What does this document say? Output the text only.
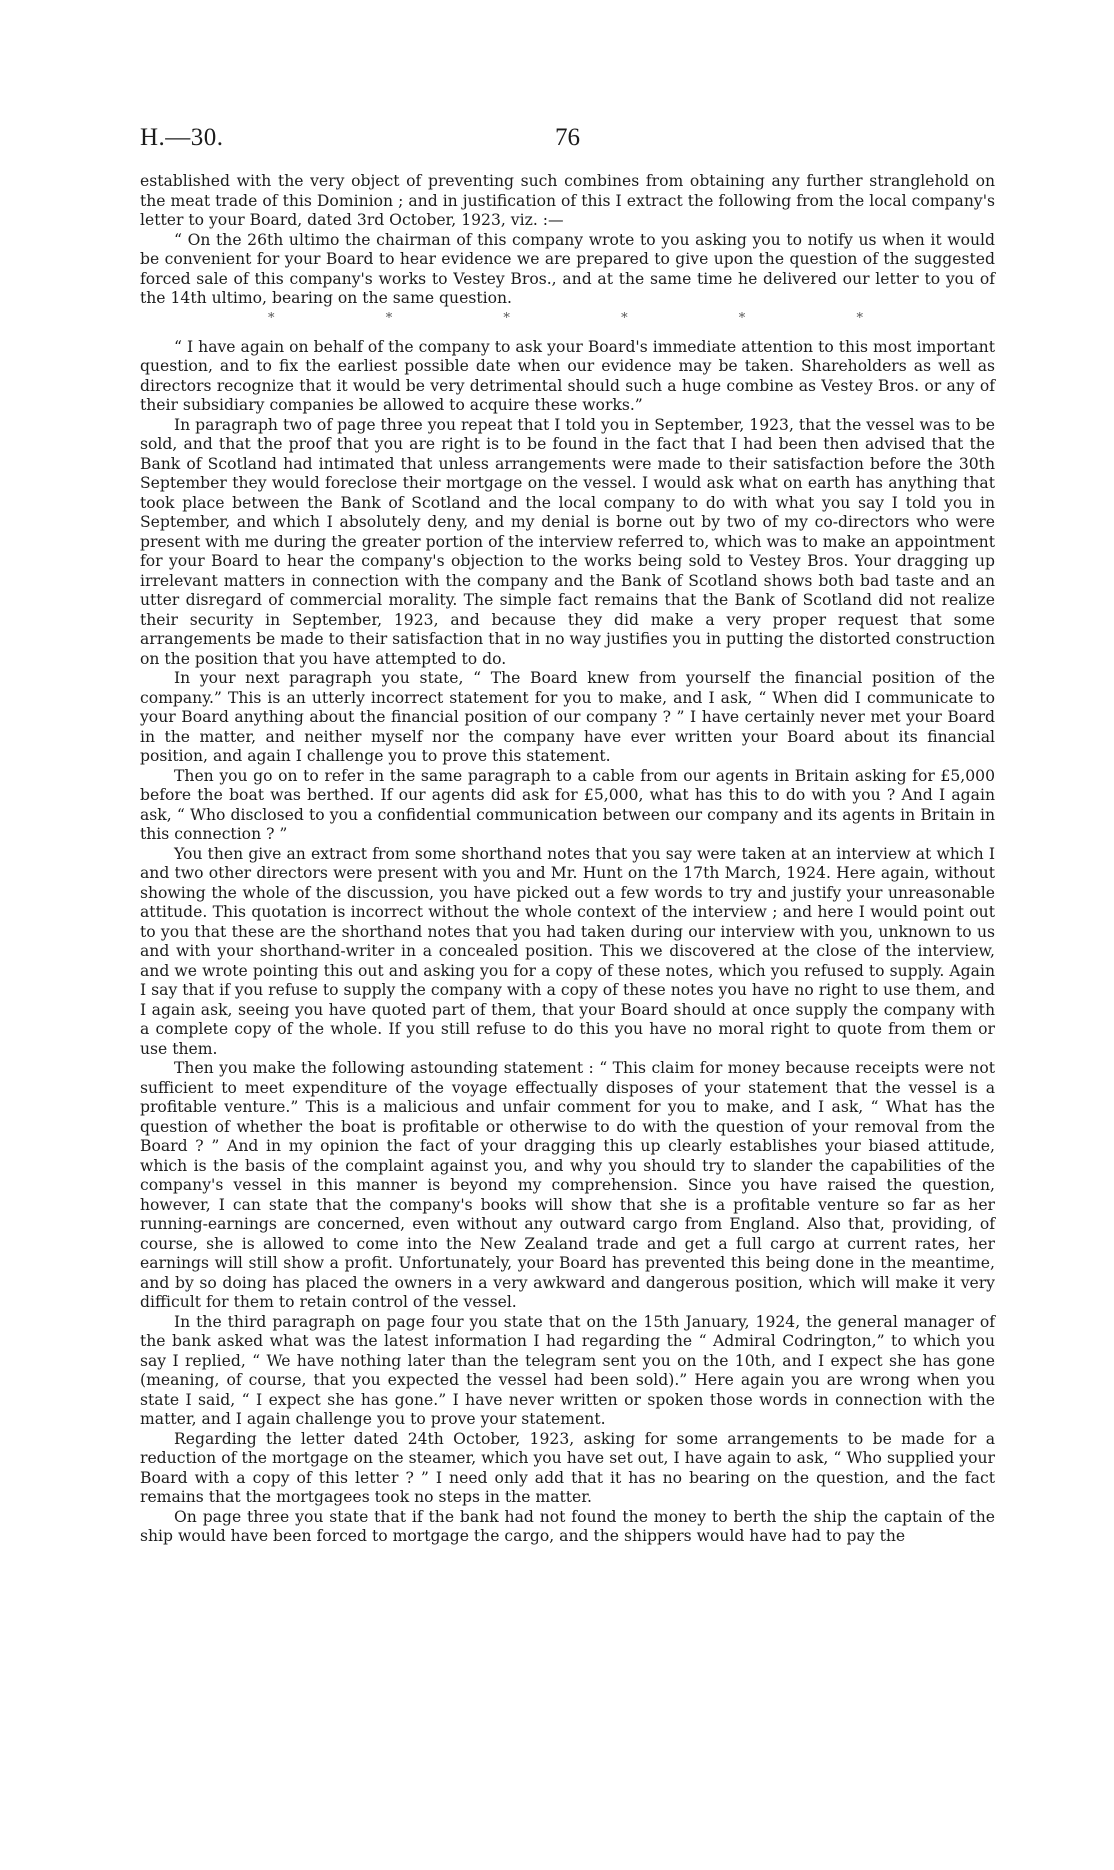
H.—30.	76

established with the very object of preventing such combines from obtaining any further stranglehold on the meat trade of this Dominion ; and in justification of this I extract the following from the local company's letter to your Board, dated 3rd October, 1923, viz. :—

“ On the 26th ultimo the chairman of this company wrote to you asking you to notify us when it would be convenient for your Board to hear evidence we are prepared to give upon the question of the suggested forced sale of this company's works to Vestey Bros., and at the same time he delivered our letter to you of the 14th ultimo, bearing on the same question.

*	*	*	*	*	*

“ I have again on behalf of the company to ask your Board's immediate attention to this most important question, and to fix the earliest possible date when our evidence may be taken. Shareholders as well as directors recognize that it would be very detrimental should such a huge combine as Vestey Bros. or any of their subsidiary companies be allowed to acquire these works.”

In paragraph two of page three you repeat that I told you in September, 1923, that the vessel was to be sold, and that the proof that you are right is to be found in the fact that I had been then advised that the Bank of Scotland had intimated that unless arrangements were made to their satisfaction before the 30th September they would foreclose their mortgage on the vessel. I would ask what on earth has anything that took place between the Bank of Scotland and the local company to do with what you say I told you in September, and which I absolutely deny, and my denial is borne out by two of my co-directors who were present with me during the greater portion of the interview referred to, which was to make an appointment for your Board to hear the company's objection to the works being sold to Vestey Bros. Your dragging up irrelevant matters in connection with the company and the Bank of Scotland shows both bad taste and an utter disregard of commercial morality. The simple fact remains that the Bank of Scotland did not realize their security in September, 1923, and because they did make a very proper request that some arrangements be made to their satisfaction that in no way justifies you in putting the distorted construction on the position that you have attempted to do.

In your next paragraph you state, “ The Board knew from yourself the financial position of the company.” This is an utterly incorrect statement for you to make, and I ask, “ When did I communicate to your Board anything about the financial position of our company ? ” I have certainly never met your Board in the matter, and neither myself nor the company have ever written your Board about its financial position, and again I challenge you to prove this statement.

Then you go on to refer in the same paragraph to a cable from our agents in Britain asking for £5,000 before the boat was berthed. If our agents did ask for £5,000, what has this to do with you ? And I again ask, “ Who disclosed to you a confidential communication between our company and its agents in Britain in this connection ? ”

You then give an extract from some shorthand notes that you say were taken at an interview at which I and two other directors were present with you and Mr. Hunt on the 17th March, 1924. Here again, without showing the whole of the discussion, you have picked out a few words to try and justify your unreasonable attitude. This quotation is incorrect without the whole context of the interview ; and here I would point out to you that these are the shorthand notes that you had taken during our interview with you, unknown to us and with your shorthand-writer in a concealed position. This we discovered at the close of the interview, and we wrote pointing this out and asking you for a copy of these notes, which you refused to supply. Again I say that if you refuse to supply the company with a copy of these notes you have no right to use them, and I again ask, seeing you have quoted part of them, that your Board should at once supply the company with a complete copy of the whole. If you still refuse to do this you have no moral right to quote from them or use them.

Then you make the following astounding statement : “ This claim for money because receipts were not sufficient to meet expenditure of the voyage effectually disposes of your statement that the vessel is a profitable venture.” This is a malicious and unfair comment for you to make, and I ask, “ What has the question of whether the boat is profitable or otherwise to do with the question of your removal from the Board ? ” And in my opinion the fact of your dragging this up clearly establishes your biased attitude, which is the basis of the complaint against you, and why you should try to slander the capabilities of the company's vessel in this manner is beyond my comprehension. Since you have raised the question, however, I can state that the company's books will show that she is a profitable venture so far as her running-earnings are concerned, even without any outward cargo from England. Also that, providing, of course, she is allowed to come into the New Zealand trade and get a full cargo at current rates, her earnings will still show a profit. Unfortunately, your Board has prevented this being done in the meantime, and by so doing has placed the owners in a very awkward and dangerous position, which will make it very difficult for them to retain control of the vessel.

In the third paragraph on page four you state that on the 15th January, 1924, the general manager of the bank asked what was the latest information I had regarding the “ Admiral Codrington,” to which you say I replied, “ We have nothing later than the telegram sent you on the 10th, and I expect she has gone (meaning, of course, that you expected the vessel had been sold).” Here again you are wrong when you state I said, “ I expect she has gone.” I have never written or spoken those words in connection with the matter, and I again challenge you to prove your statement.

Regarding the letter dated 24th October, 1923, asking for some arrangements to be made for a reduction of the mortgage on the steamer, which you have set out, I have again to ask, “ Who supplied your Board with a copy of this letter ? ” I need only add that it has no bearing on the question, and the fact remains that the mortgagees took no steps in the matter.

On page three you state that if the bank had not found the money to berth the ship the captain of the ship would have been forced to mortgage the cargo, and the shippers would have had to pay the
